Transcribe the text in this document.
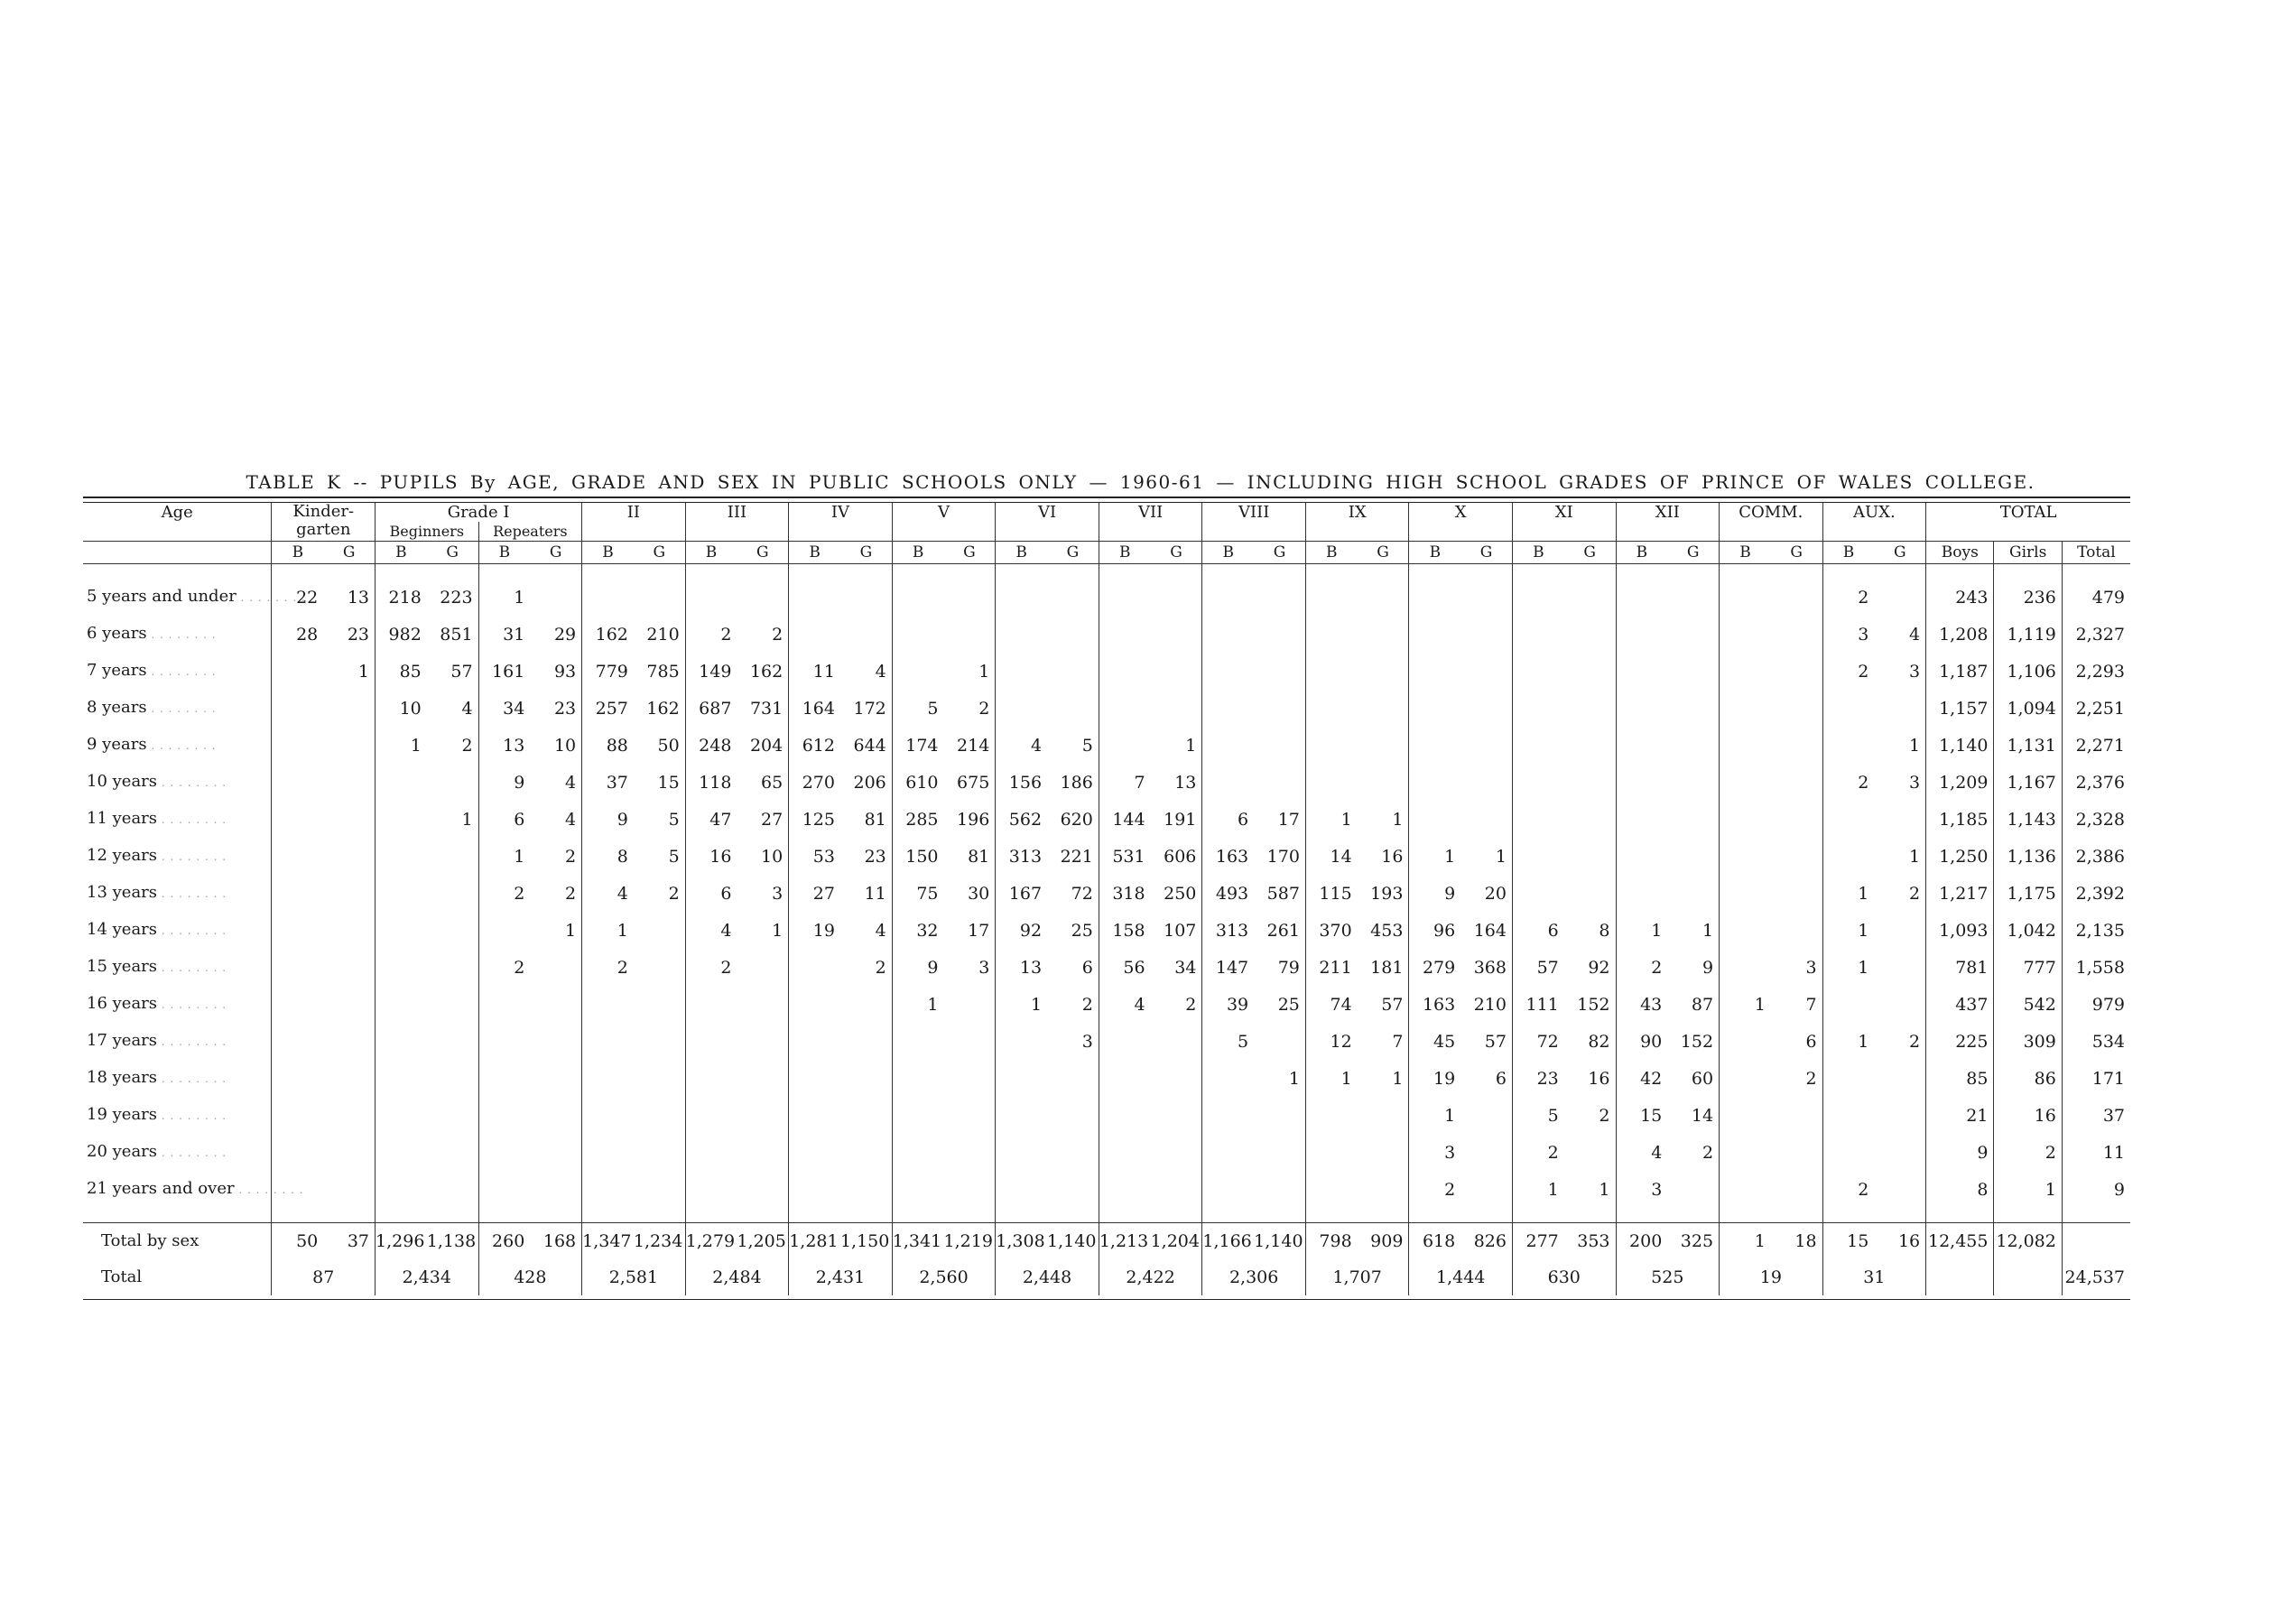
TABLE K -- PUPILS By AGE, GRADE AND SEX IN PUBLIC SCHOOLS ONLY — 1960-61 — INCLUDING HIGH SCHOOL GRADES OF PRINCE OF WALES COLLEGE.
Age	Kinder- garten		Grade I				II		III		IV		V		VI		VII		VIII		IX		X		XI		XII		COMM.		AUX.		TOTAL		
			Beginners		Repeaters																														
	B	G	B	G	B	G	B	G	B	G	B	G	B	G	B	G	B	G	B	G	B	G	B	G	B	G	B	G	B	G	B	G	Boys	Girls	Total

5 years and under . . . . . . . .	22	13	218	223	1																										2		243	236	479
6 years . . . . . . . .	28	23	982	851	31	29	162	210	2	2																					3	4	1,208	1,119	2,327
7 years . . . . . . . .		1	85	57	161	93	779	785	149	162	11	4		1																	2	3	1,187	1,106	2,293
8 years . . . . . . . .			10	4	34	23	257	162	687	731	164	172	5	2																			1,157	1,094	2,251
9 years . . . . . . . .			1	2	13	10	88	50	248	204	612	644	174	214	4	5		1														1	1,140	1,131	2,271
10 years . . . . . . . .					9	4	37	15	118	65	270	206	610	675	156	186	7	13													2	3	1,209	1,167	2,376
11 years . . . . . . . .				1	6	4	9	5	47	27	125	81	285	196	562	620	144	191	6	17	1	1											1,185	1,143	2,328
12 years . . . . . . . .					1	2	8	5	16	10	53	23	150	81	313	221	531	606	163	170	14	16	1	1								1	1,250	1,136	2,386
13 years . . . . . . . .					2	2	4	2	6	3	27	11	75	30	167	72	318	250	493	587	115	193	9	20							1	2	1,217	1,175	2,392
14 years . . . . . . . .						1	1		4	1	19	4	32	17	92	25	158	107	313	261	370	453	96	164	6	8	1	1			1		1,093	1,042	2,135
15 years . . . . . . . .					2		2		2			2	9	3	13	6	56	34	147	79	211	181	279	368	57	92	2	9		3	1		781	777	1,558
16 years . . . . . . . .													1		1	2	4	2	39	25	74	57	163	210	111	152	43	87	1	7			437	542	979
17 years . . . . . . . .																3			5		12	7	45	57	72	82	90	152		6	1	2	225	309	534
18 years . . . . . . . .																				1	1	1	19	6	23	16	42	60		2			85	86	171
19 years . . . . . . . .																							1		5	2	15	14					21	16	37
20 years . . . . . . . .																							3		2		4	2					9	2	11
21 years and over . . . . . . . .																							2		1	1	3				2		8	1	9

Total by sex	50	37	1,296	1,138	260	168	1,347	1,234	1,279	1,205	1,281	1,150	1,341	1,219	1,308	1,140	1,213	1,204	1,166	1,140	798	909	618	826	277	353	200	325	1	18	15	16	12,455	12,082	
Total	87		2,434		428		2,581		2,484		2,431		2,560		2,448		2,422		2,306		1,707		1,444		630		525		19		31				24,537
